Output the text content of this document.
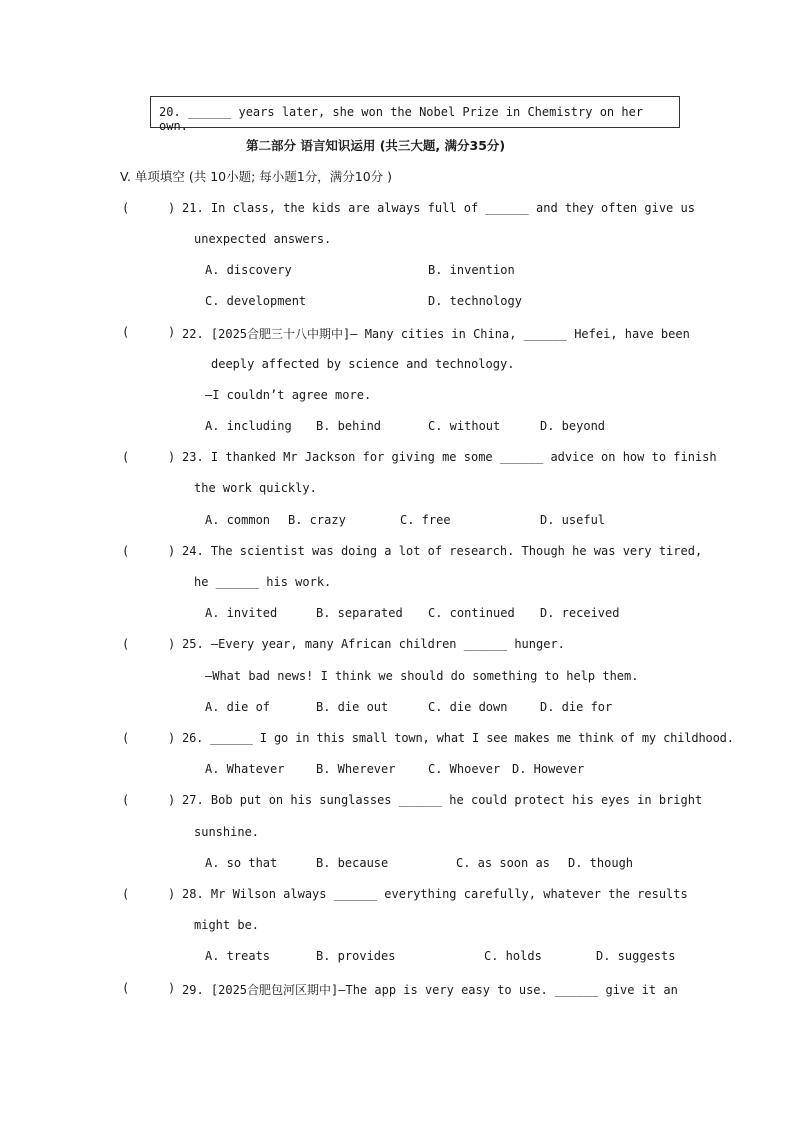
20. ______ years later, she won the Nobel Prize in Chemistry on her own.
第二部分 语言知识运用 (共三大题, 满分35分)
V. 单项填空 (共 10小题; 每小题1分，满分10分 )
(	) 21. In class, the kids are always full of ______ and they often give us
unexpected answers.
A. discovery	B. invention
C. development	D. technology
(	) 22. [2025合肥三十八中期中]— Many cities in China, ______ Hefei, have been
deeply affected by science and technology.
—I couldn’t agree more.
A. including B. behind	C. without	D. beyond
(	) 23. I thanked Mr Jackson for giving me some ______ advice on how to finish
the work quickly.
A. common B. crazy	C. free	D. useful
(	) 24. The scientist was doing a lot of research. Though he was very tired,
he ______ his work.
A. invited	B. separated C. continued D. received
(	) 25. —Every year, many African children ______ hunger.
—What bad news! I think we should do something to help them.
A. die of	B. die out	C. die down	D. die for
(	) 26. ______ I go in this small town, what I see makes me think of my childhood.
A. Whatever	B. Wherever	C. Whoever D. However
(	) 27. Bob put on his sunglasses ______ he could protect his eyes in bright
sunshine.
A. so that	B. because	C. as soon as D. though
(	) 28. Mr Wilson always ______ everything carefully, whatever the results
might be.
A. treats	B. provides	C. holds	D. suggests
(	) 29. [2025合肥包河区期中]—The app is very easy to use. ______ give it an
